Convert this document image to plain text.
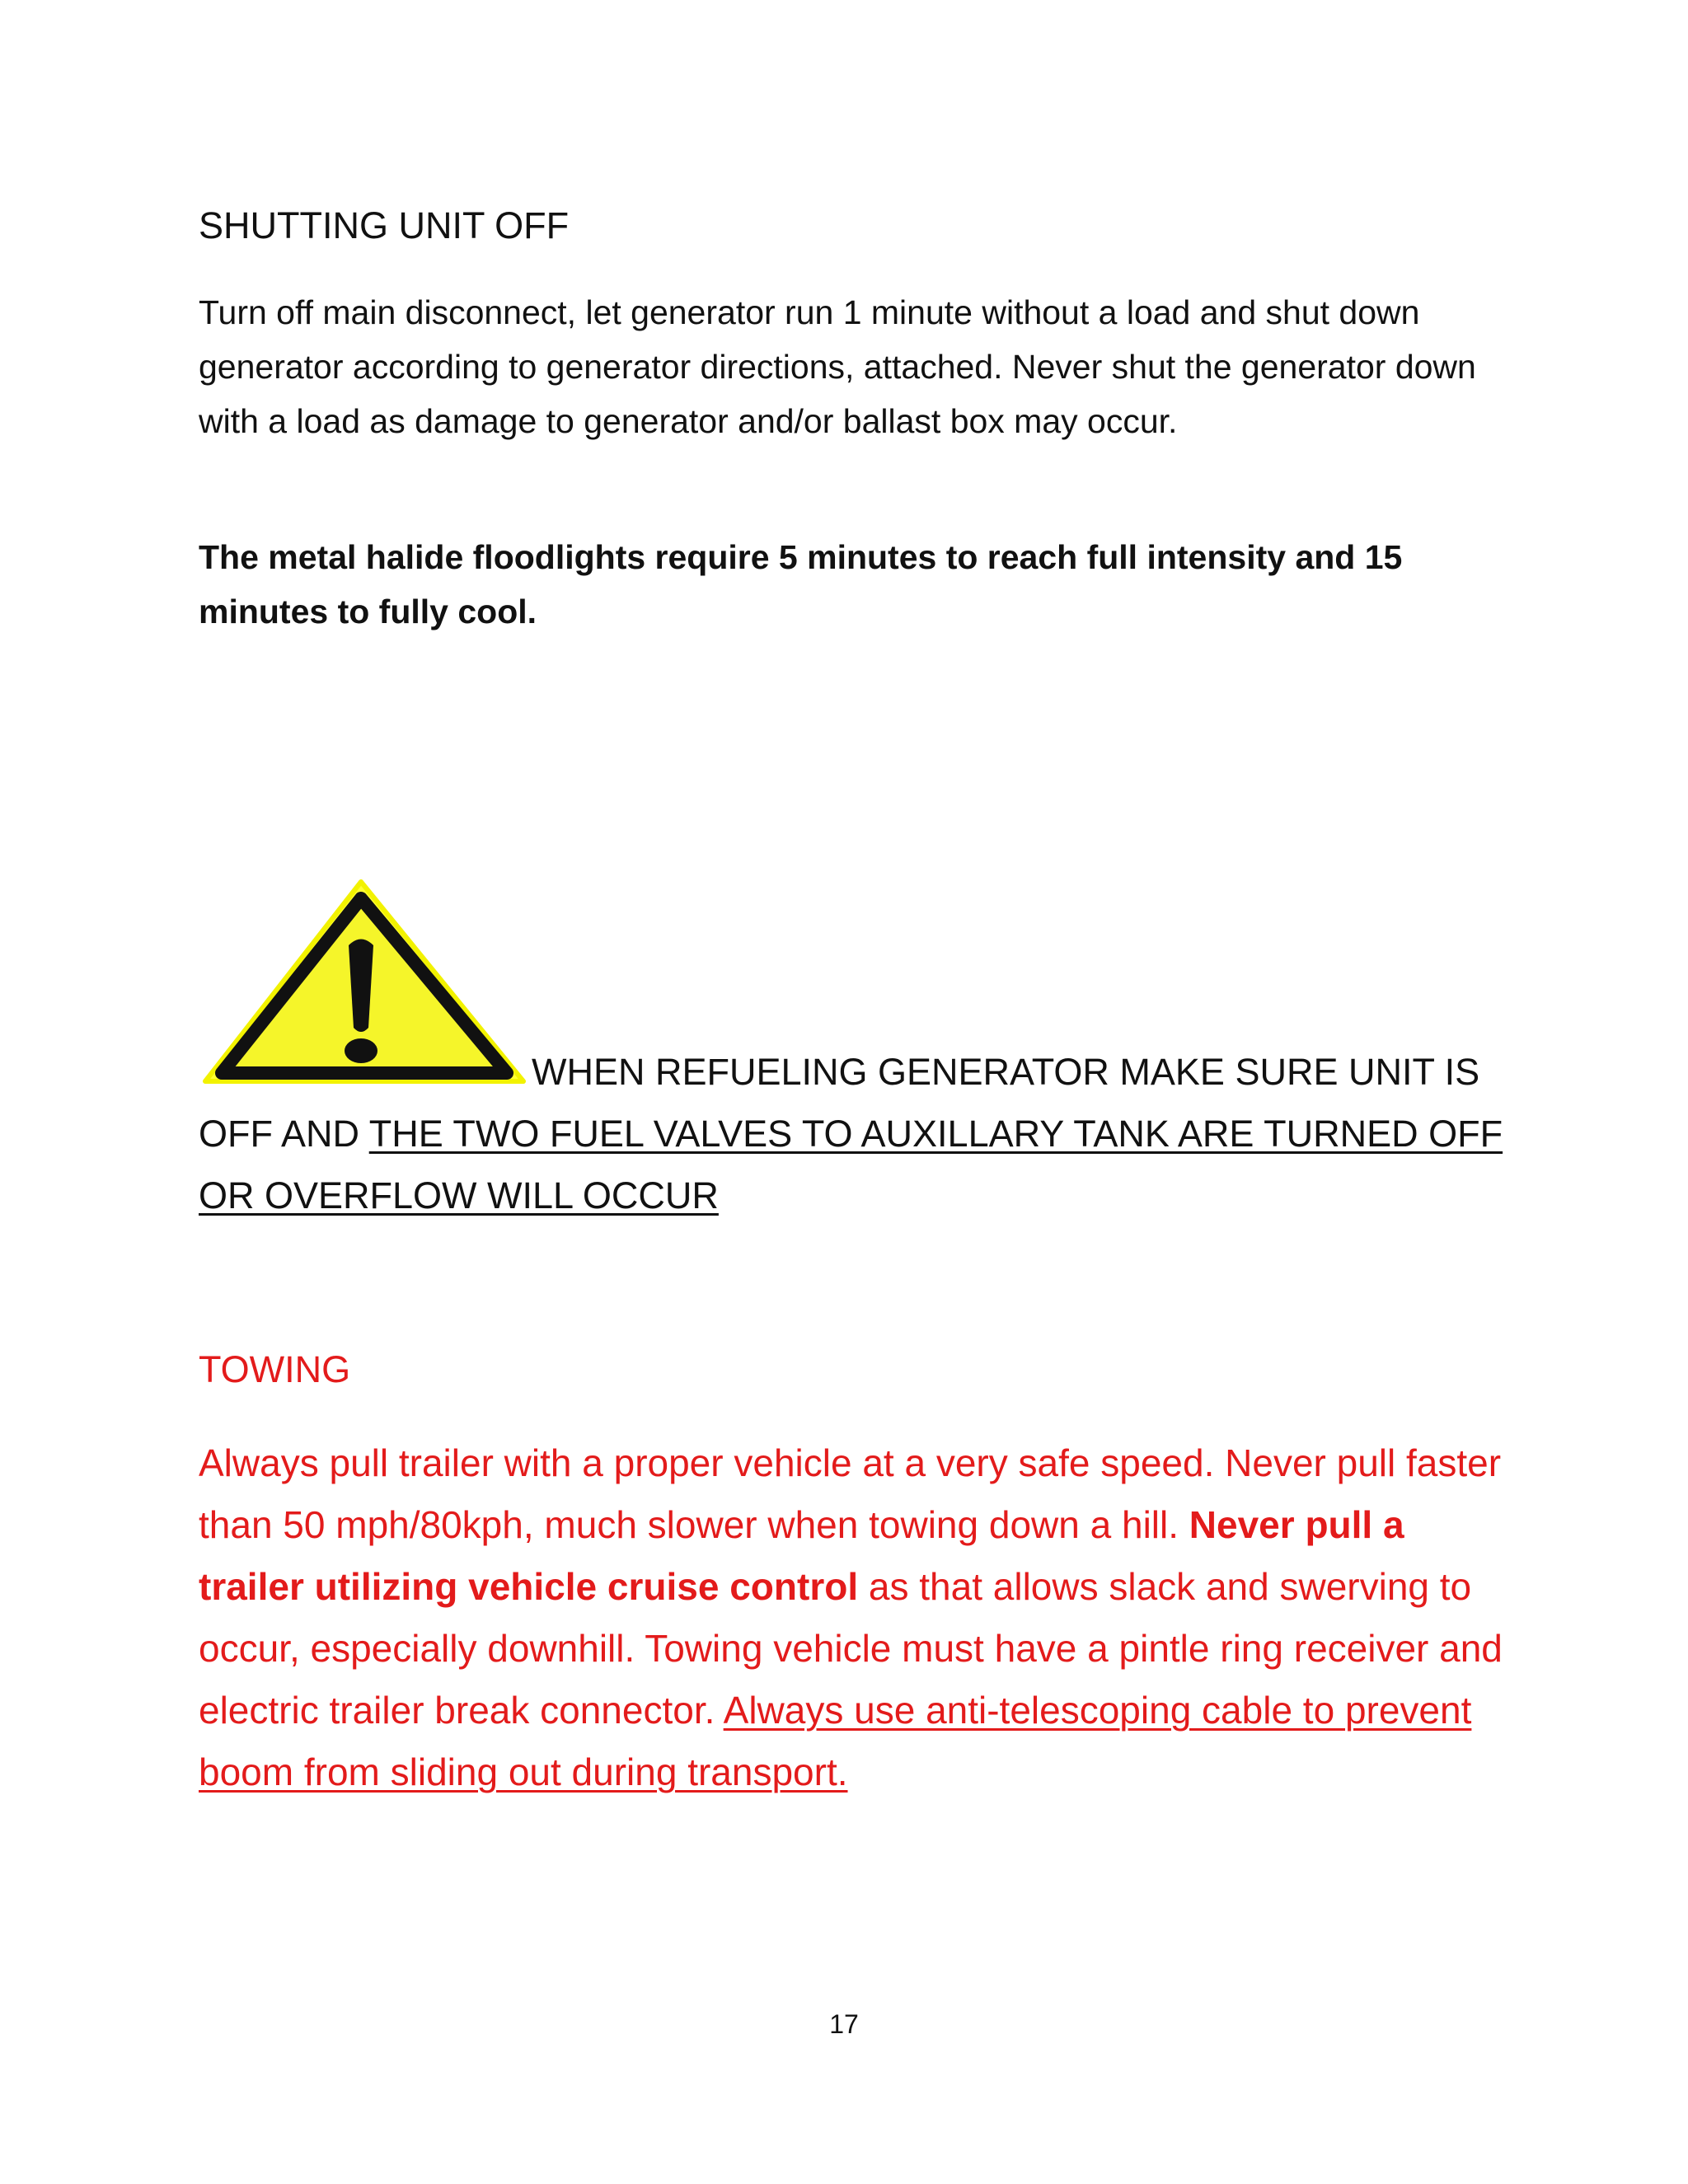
SHUTTING UNIT OFF

Turn off main disconnect, let generator run 1 minute without a load and shut down generator according to generator directions, attached. Never shut the generator down with a load as damage to generator and/or ballast box may occur.

The metal halide floodlights require 5 minutes to reach full intensity and 15 minutes to fully cool.

WHEN REFUELING GENERATOR MAKE SURE UNIT IS
OFF AND THE TWO FUEL VALVES TO AUXILLARY TANK ARE TURNED OFF OR OVERFLOW WILL OCCUR
TOWING

Always pull trailer with a proper vehicle at a very safe speed. Never pull faster than 50 mph/80kph, much slower when towing down a hill. Never pull a trailer utilizing vehicle cruise control as that allows slack and swerving to occur, especially downhill. Towing vehicle must have a pintle ring receiver and electric trailer break connector. Always use anti-telescoping cable to prevent boom from sliding out during transport.

17
